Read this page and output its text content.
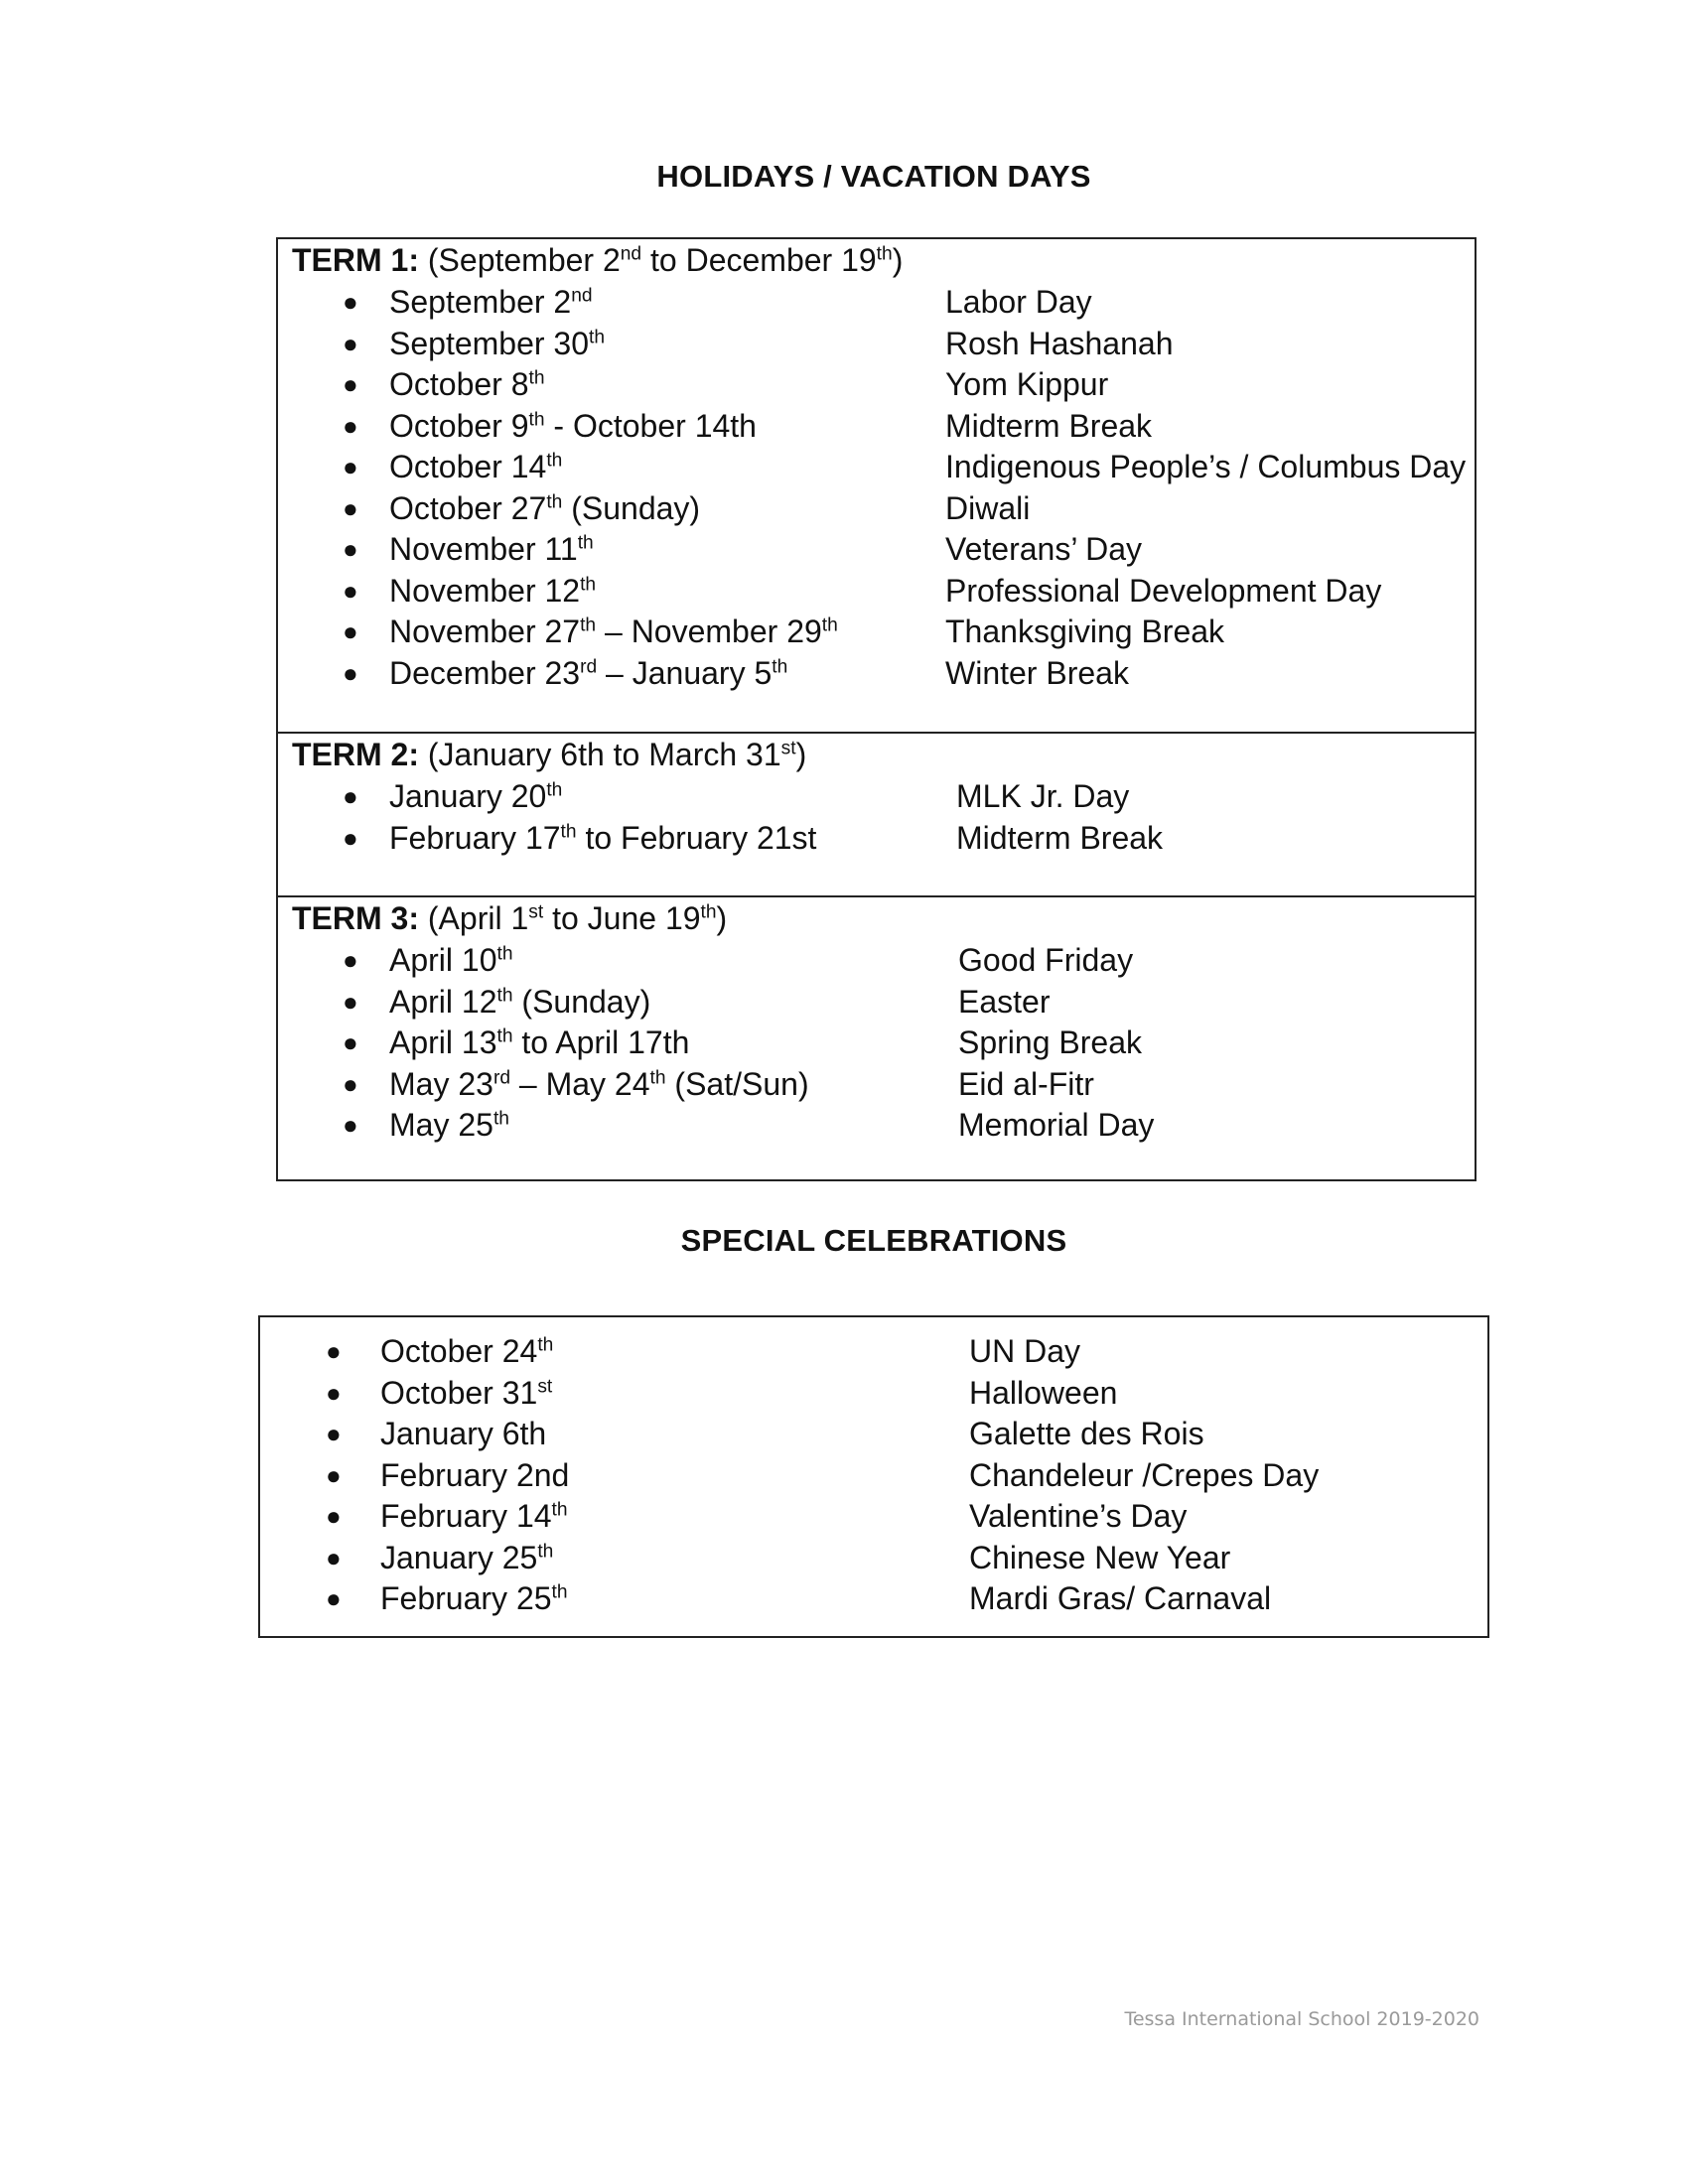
HOLIDAYS / VACATION DAYS
TERM 1: (September 2nd to December 19th)
● September 2nd	Labor Day
● September 30th	Rosh Hashanah
● October 8th	Yom Kippur
● October 9th - October 14th	Midterm Break
● October 14th	Indigenous People’s / Columbus Day
● October 27th (Sunday)	Diwali
● November 11th	Veterans’ Day
● November 12th	Professional Development Day
● November 27th – November 29th	Thanksgiving Break
● December 23rd – January 5th	Winter Break
TERM 2: (January 6th to March 31st)
● January 20th	MLK Jr. Day
● February 17th to February 21st	Midterm Break
TERM 3: (April 1st to June 19th)
● April 10th	Good Friday
● April 12th (Sunday)	Easter
● April 13th to April 17th	Spring Break
● May 23rd – May 24th (Sat/Sun)	Eid al-Fitr
● May 25th	Memorial Day
SPECIAL CELEBRATIONS
● October 24th	UN Day
● October 31st	Halloween
● January 6th	Galette des Rois
● February 2nd	Chandeleur /Crepes Day
● February 14th	Valentine’s Day
● January 25th	Chinese New Year
● February 25th	Mardi Gras/ Carnaval
Tessa International School 2019-2020
